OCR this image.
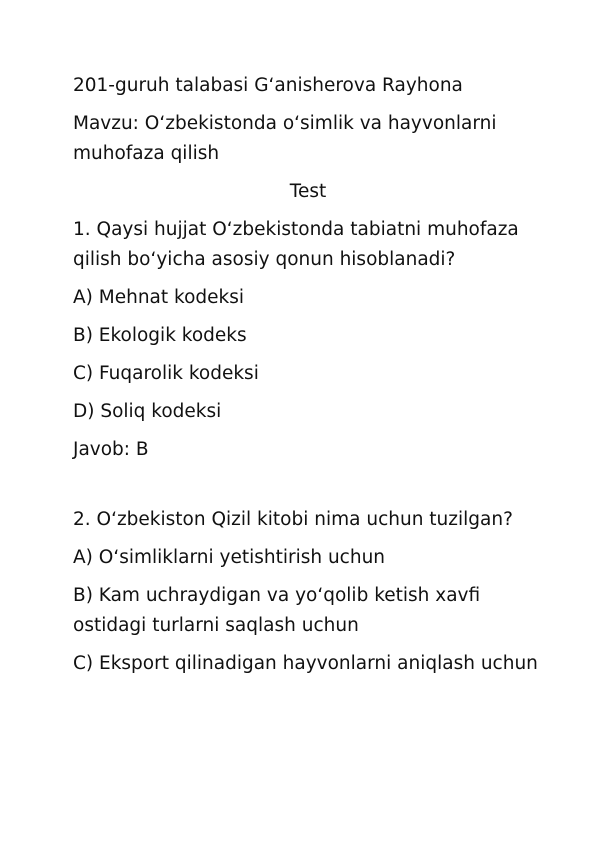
201-guruh talabasi G‘anisherova Rayhona

Mavzu: O‘zbekistonda o‘simlik va hayvonlarni muhofaza qilish

Test

1. Qaysi hujjat O‘zbekistonda tabiatni muhofaza qilish bo‘yicha asosiy qonun hisoblanadi?

A) Mehnat kodeksi

B) Ekologik kodeks

C) Fuqarolik kodeksi

D) Soliq kodeksi

Javob: B

2. O‘zbekiston Qizil kitobi nima uchun tuzilgan?

A) O‘simliklarni yetishtirish uchun

B) Kam uchraydigan va yo‘qolib ketish xavfi ostidagi turlarni saqlash uchun

C) Eksport qilinadigan hayvonlarni aniqlash uchun
